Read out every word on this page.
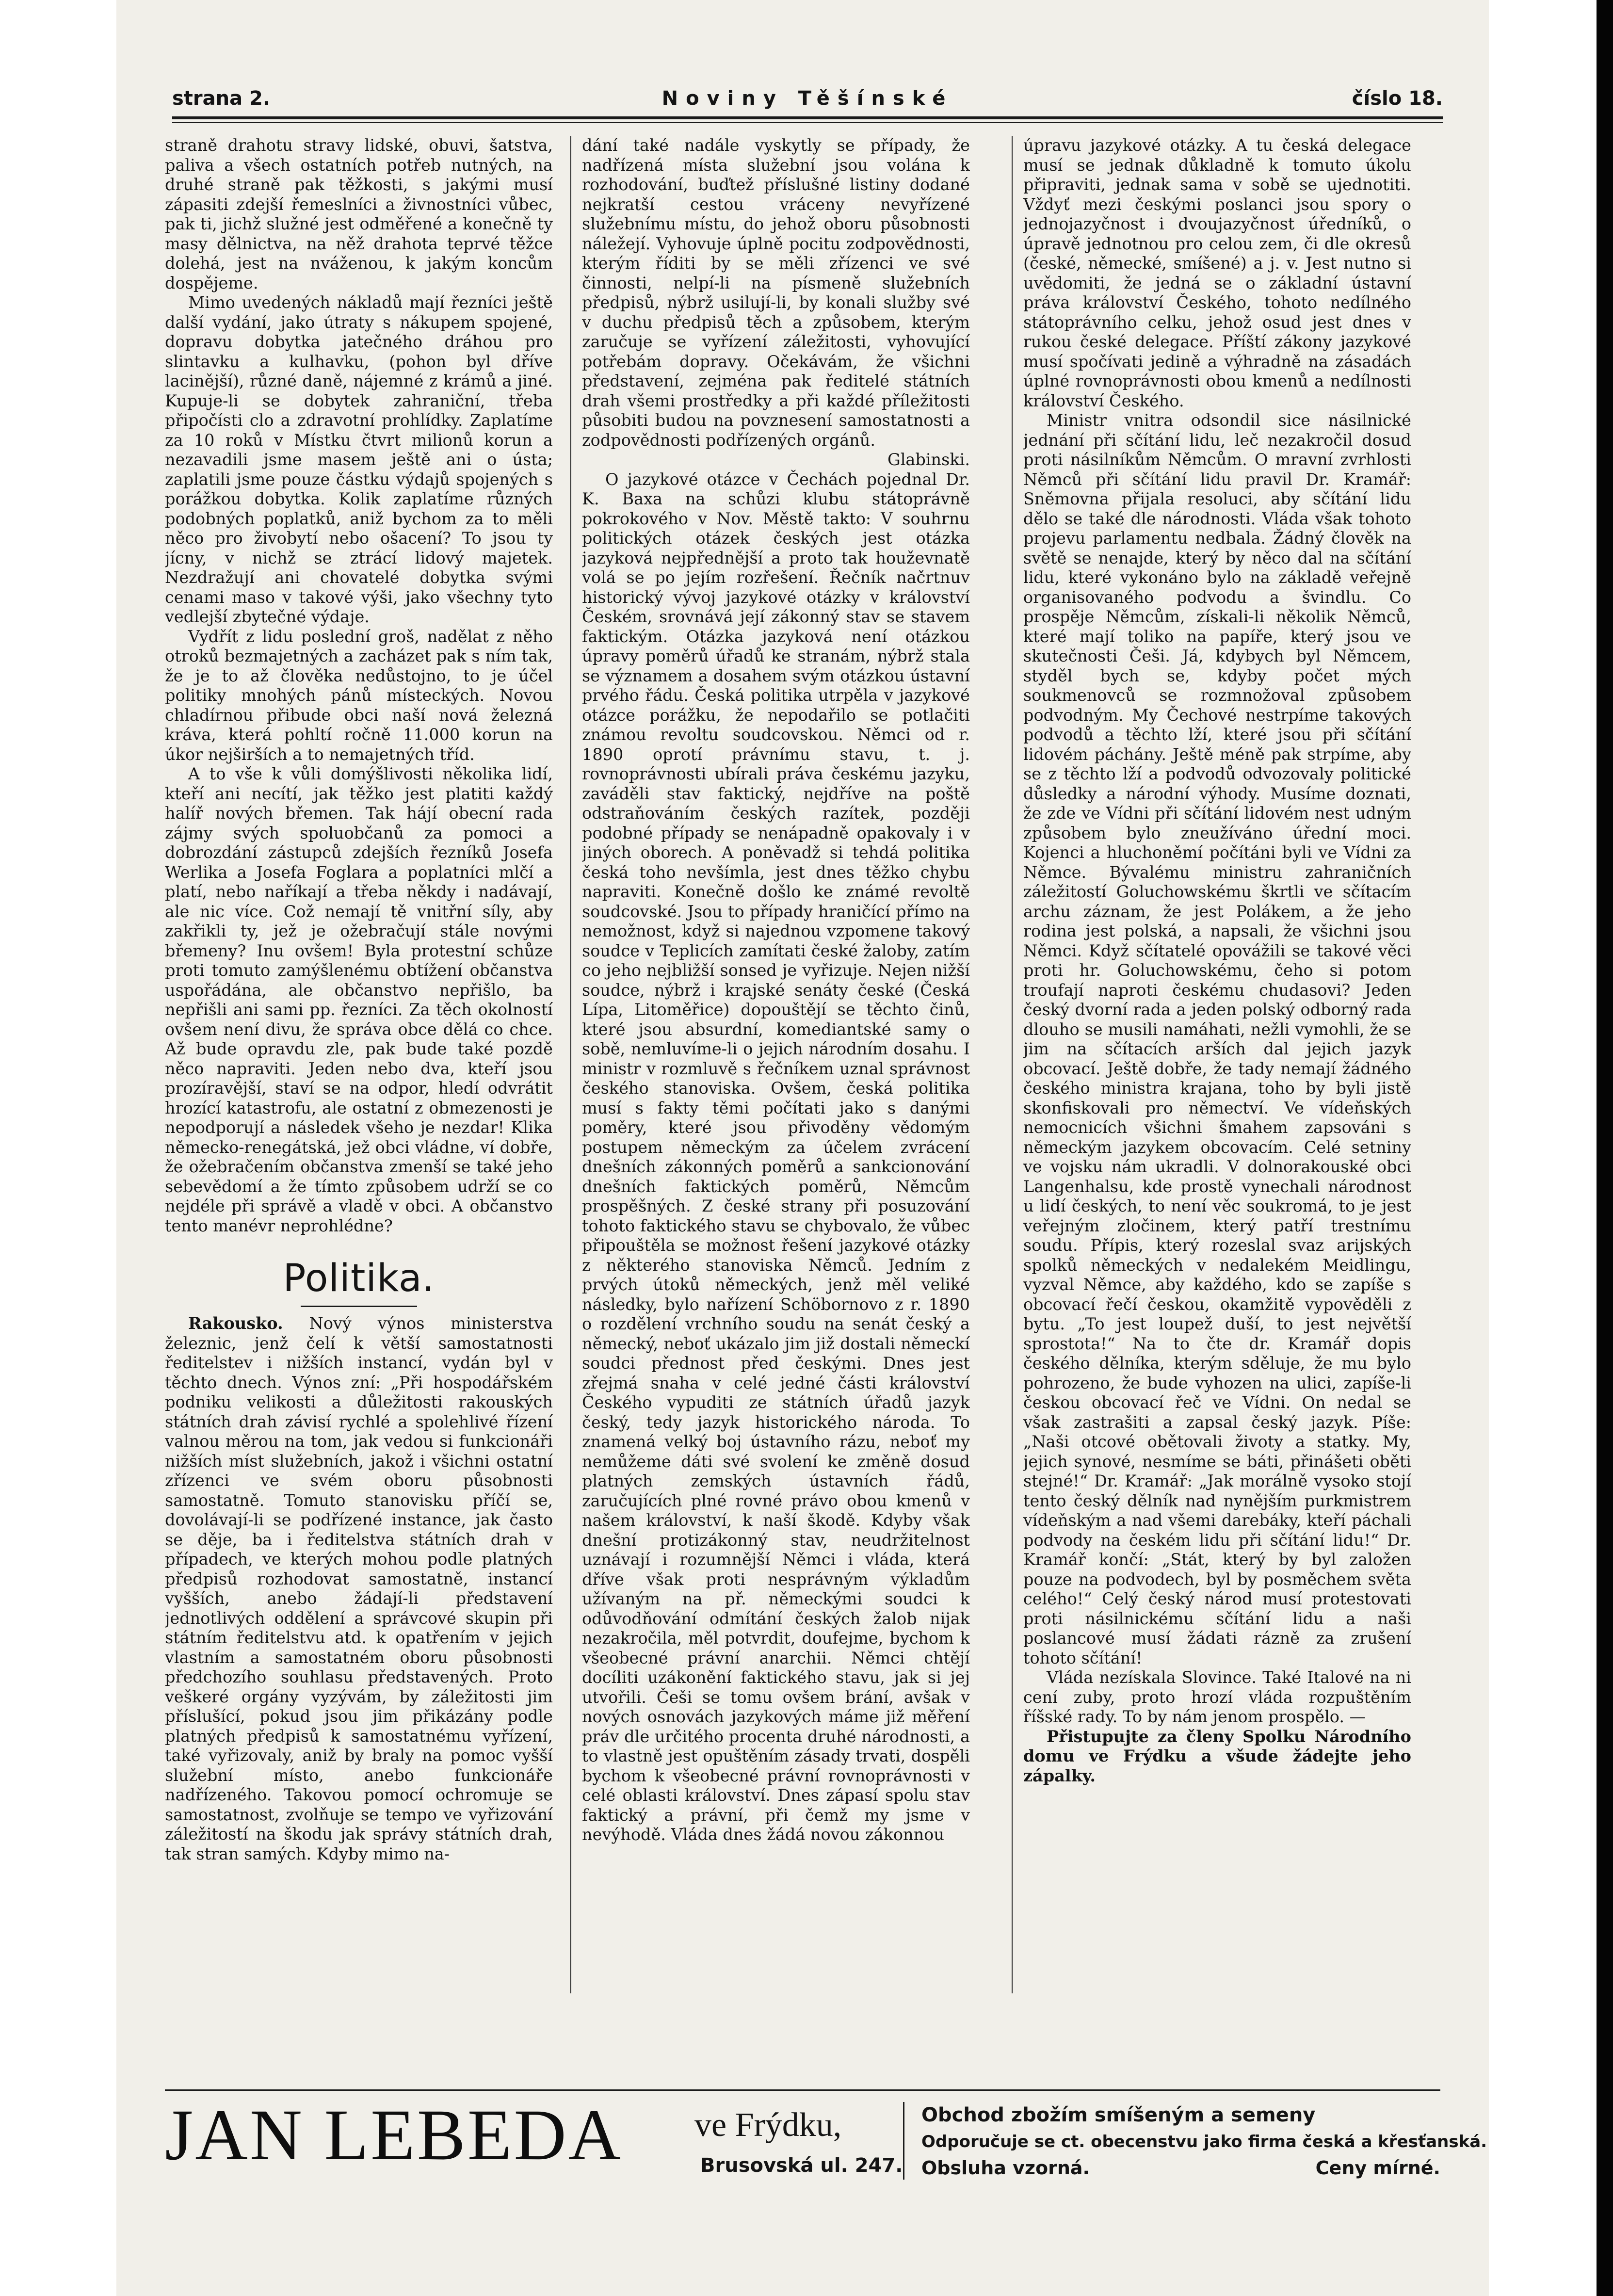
Noviny Těšínské
strana 2.	číslo 18.

straně drahotu stravy lidské, obuvi, šatstva, paliva a všech ostatních potřeb nutných, na druhé straně pak těžkosti, s jakými musí zápasiti zdejší řemeslníci a živnostníci vůbec, pak ti, jichž služné jest odměřené a konečně ty masy dělnictva, na něž drahota teprvé těžce dolehá, jest na nváženou, k jakým koncům dospějeme.

Mimo uvedených nákladů mají řezníci ještě další vydání, jako útraty s nákupem spojené, dopravu dobytka jatečného dráhou pro slintavku a kulhavku, (pohon byl dříve lacinější), různé daně, nájemné z krámů a jiné. Kupuje-li se dobytek zahraniční, třeba připočísti clo a zdravotní prohlídky. Zaplatíme za 10 roků v Místku čtvrt milionů korun a nezavadili jsme masem ještě ani o ústa; zaplatili jsme pouze částku výdajů spojených s porážkou dobytka. Kolik zaplatíme různých podobných poplatků, aniž bychom za to měli něco pro živobytí nebo ošacení? To jsou ty jícny, v nichž se ztrácí lidový majetek. Nezdražují ani chovatelé dobytka svými cenami maso v takové výši, jako všechny tyto vedlejší zbytečné výdaje.

Vydřít z lidu poslední groš, nadělat z něho otroků bezmajetných a zacházet pak s ním tak, že je to až člověka nedůstojno, to je účel politiky mnohých pánů místeckých. Novou chladírnou přibude obci naší nová železná kráva, která pohltí ročně 11.000 korun na úkor nejširších a to nemajetných tříd.

A to vše k vůli domýšlivosti několika lidí, kteří ani necítí, jak těžko jest platiti každý halíř nových břemen. Tak hájí obecní rada zájmy svých spoluobčanů za pomoci a dobrozdání zástupců zdejších řezníků Josefa Werlika a Josefa Foglara a poplatníci mlčí a platí, nebo naříkají a třeba někdy i nadávají, ale nic více. Což nemají tě vnitřní síly, aby zakřikli ty, jež je ožebračují stále novými břemeny? Inu ovšem! Byla protestní schůze proti tomuto zamýšlenému obtížení občanstva uspořádána, ale občanstvo nepřišlo, ba nepřišli ani sami pp. řezníci. Za těch okolností ovšem není divu, že správa obce dělá co chce. Až bude opravdu zle, pak bude také pozdě něco napraviti. Jeden nebo dva, kteří jsou prozíravější, staví se na odpor, hledí odvrátit hrozící katastrofu, ale ostatní z obmezenosti je nepodporují a následek všeho je nezdar! Klika německo-renegátská, jež obci vládne, ví dobře, že ožebračením občanstva zmenší se také jeho sebevědomí a že tímto způsobem udrží se co nejdéle při správě a vladě v obci. A občanstvo tento manévr neprohlédne?

Politika.

Rakousko. Nový výnos ministerstva železnic, jenž čelí k větší samostatnosti ředitelstev i nižších instancí, vydán byl v těchto dnech. Výnos zní: „Při hospodářském podniku velikosti a důležitosti rakouských státních drah závisí rychlé a spolehlivé řízení valnou měrou na tom, jak vedou si funkcionáři nižších míst služebních, jakož i všichni ostatní zřízenci ve svém oboru působnosti samostatně. Tomuto stanovisku příčí se, dovolávají-li se podřízené instance, jak často se děje, ba i ředitelstva státních drah v případech, ve kterých mohou podle platných předpisů rozhodovat samostatně, instancí vyšších, anebo žádají-li představení jednotlivých oddělení a správcové skupin při státním ředitelstvu atd. k opatřením v jejich vlastním a samostatném oboru působnosti předchozího souhlasu představených. Proto veškeré orgány vyzývám, by záležitosti jim příslušící, pokud jsou jim přikázány podle platných předpisů k samostatnému vyřízení, také vyřizovaly, aniž by braly na pomoc vyšší služební místo, anebo funkcionáře nadřízeného. Takovou pomocí ochromuje se samostatnost, zvolňuje se tempo ve vyřizování záležitostí na škodu jak správy státních drah, tak stran samých. Kdyby mimo na-

dání také nadále vyskytly se případy, že nadřízená místa služební jsou volána k rozhodování, buďtež příslušné listiny dodané nejkratší cestou vráceny nevyřízené služebnímu místu, do jehož oboru působnosti náležejí. Vyhovuje úplně pocitu zodpovědnosti, kterým říditi by se měli zřízenci ve své činnosti, nelpí-li na písmeně služebních předpisů, nýbrž usilují-li, by konali služby své v duchu předpisů těch a způsobem, kterým zaručuje se vyřízení záležitosti, vyhovující potřebám dopravy. Očekávám, že všichni představení, zejména pak ředitelé státních drah všemi prostředky a při každé příležitosti působiti budou na povznesení samostatnosti a zodpovědnosti podřízených orgánů.

Glabinski.

O jazykové otázce v Čechách pojednal Dr. K. Baxa na schůzi klubu státoprávně pokrokového v Nov. Městě takto: V souhrnu politických otázek českých jest otázka jazyková nejpřednější a proto tak houževnatě volá se po jejím rozřešení. Řečník načrtnuv historický vývoj jazykové otázky v království Českém, srovnává její zákonný stav se stavem faktickým. Otázka jazyková není otázkou úpravy poměrů úřadů ke stranám, nýbrž stala se významem a dosahem svým otázkou ústavní prvého řádu. Česká politika utrpěla v jazykové otázce porážku, že nepodařilo se potlačiti známou revoltu soudcovskou. Němci od r. 1890 oprotí právnímu stavu, t. j. rovnoprávnosti ubírali práva českému jazyku, zaváděli stav faktický, nejdříve na poště odstraňováním českých razítek, později podobné případy se nenápadně opakovaly i v jiných oborech. A poněvadž si tehdá politika česká toho nevšímla, jest dnes těžko chybu napraviti. Konečně došlo ke známé revoltě soudcovské. Jsou to případy hraničící přímo na nemožnost, když si najednou vzpomene takový soudce v Teplicích zamítati české žaloby, zatím co jeho nejbližší sonsed je vyřizuje. Nejen nižší soudce, nýbrž i krajské senáty české (Česká Lípa, Litoměřice) dopouštějí se těchto činů, které jsou absurdní, komediantské samy o sobě, nemluvíme-li o jejich národním dosahu. I ministr v rozmluvě s řečníkem uznal správnost českého stanoviska. Ovšem, česká politika musí s fakty těmi počítati jako s danými poměry, které jsou přivoděny vědomým postupem německým za účelem zvrácení dnešních zákonných poměrů a sankcionování dnešních faktických poměrů, Němcům prospěšných. Z české strany při posuzování tohoto faktického stavu se chybovalo, že vůbec připouštěla se možnost řešení jazykové otázky z některého stanoviska Němců. Jedním z prvých útoků německých, jenž měl veliké následky, bylo nařízení Schöbornovo z r. 1890 o rozdělení vrchního soudu na senát český a německý, neboť ukázalo jim již dostali německí soudci přednost před českými. Dnes jest zřejmá snaha v celé jedné části království Českého vypuditi ze státních úřadů jazyk český, tedy jazyk historického národa. To znamená velký boj ústavního rázu, neboť my nemůžeme dáti své svolení ke změně dosud platných zemských ústavních řádů, zaručujících plné rovné právo obou kmenů v našem království, k naší škodě. Kdyby však dnešní protizákonný stav, neudržitelnost uznávají i rozumnější Němci i vláda, která dříve však proti nesprávným výkladům užívaným na př. německými soudci k odůvodňování odmítání českých žalob nijak nezakročila, měl potvrdit, doufejme, bychom k všeobecné právní anarchii. Němci chtějí docíliti uzákonění faktického stavu, jak si jej utvořili. Češi se tomu ovšem brání, avšak v nových osnovách jazykových máme již měření práv dle určitého procenta druhé národnosti, a to vlastně jest opuštěním zásady trvati, dospěli bychom k všeobecné právní rovnoprávnosti v celé oblasti království. Dnes zápasí spolu stav faktický a právní, při čemž my jsme v nevýhodě. Vláda dnes žádá novou zákonnou

úpravu jazykové otázky. A tu česká delegace musí se jednak důkladně k tomuto úkolu připraviti, jednak sama v sobě se ujednotiti. Vždyť mezi českými poslanci jsou spory o jednojazyčnost i dvoujazyčnost úředníků, o úpravě jednotnou pro celou zem, či dle okresů (české, německé, smíšené) a j. v. Jest nutno si uvědomiti, že jedná se o základní ústavní práva království Českého, tohoto nedílného státoprávního celku, jehož osud jest dnes v rukou české delegace. Příští zákony jazykové musí spočívati jedině a výhradně na zásadách úplné rovnoprávnosti obou kmenů a nedílnosti království Českého.

Ministr vnitra odsondil sice násilnické jednání při sčítání lidu, leč nezakročil dosud proti násilníkům Němcům. O mravní zvrhlosti Němců při sčítání lidu pravil Dr. Kramář: Sněmovna přijala resoluci, aby sčítání lidu dělo se také dle národnosti. Vláda však tohoto projevu parlamentu nedbala. Žádný člověk na světě se nenajde, který by něco dal na sčítání lidu, které vykonáno bylo na základě veřejně organisovaného podvodu a švindlu. Co prospěje Němcům, získali-li několik Němců, které mají toliko na papíře, který jsou ve skutečnosti Češi. Já, kdybych byl Němcem, styděl bych se, kdyby počet mých soukmenovců se rozmnožoval způsobem podvodným. My Čechové nestrpíme takových podvodů a těchto lží, které jsou při sčítání lidovém páchány. Ještě méně pak strpíme, aby se z těchto lží a podvodů odvozovaly politické důsledky a národní výhody. Musíme doznati, že zde ve Vídni při sčítání lidovém nest udným způsobem bylo zneužíváno úřední moci. Kojenci a hluchoněmí počítáni byli ve Vídni za Němce. Bývalému ministru zahraničních záležitostí Goluchowskému škrtli ve sčítacím archu záznam, že jest Polákem, a že jeho rodina jest polská, a napsali, že všichni jsou Němci. Když sčítatelé opovážili se takové věci proti hr. Goluchowskému, čeho si potom troufají naproti českému chudasovi? Jeden český dvorní rada a jeden polský odborný rada dlouho se musili namáhati, nežli vymohli, že se jim na sčítacích arších dal jejich jazyk obcovací. Ještě dobře, že tady nemají žádného českého ministra krajana, toho by byli jistě skonfiskovali pro němectví. Ve vídeňských nemocnicích všichni šmahem zapsováni s německým jazykem obcovacím. Celé setniny ve vojsku nám ukradli. V dolnorakouské obci Langenhalsu, kde prostě vynechali národnost u lidí českých, to není věc soukromá, to je jest veřejným zločinem, který patří trestnímu soudu. Přípis, který rozeslal svaz arijských spolků německých v nedalekém Meidlingu, vyzval Němce, aby každého, kdo se zapíše s obcovací řečí českou, okamžitě vypověděli z bytu. „To jest loupež duší, to jest největší sprostota!“ Na to čte dr. Kramář dopis českého dělníka, kterým sděluje, že mu bylo pohrozeno, že bude vyhozen na ulici, zapíše-li českou obcovací řeč ve Vídni. On nedal se však zastrašiti a zapsal český jazyk. Píše: „Naši otcové obětovali životy a statky. My, jejich synové, nesmíme se báti, přinášeti oběti stejné!“ Dr. Kramář: „Jak morálně vysoko stojí tento český dělník nad nynějším purkmistrem vídeňským a nad všemi darebáky, kteří páchali podvody na českém lidu při sčítání lidu!“ Dr. Kramář končí: „Stát, který by byl založen pouze na podvodech, byl by posměchem světa celého!“ Celý český národ musí protestovati proti násilnickému sčítání lidu a naši poslancové musí žádati rázně za zrušení tohoto sčítání!

Vláda nezískala Slovince. Také Italové na ni cení zuby, proto hrozí vláda rozpuštěním říšské rady. To by nám jenom prospělo. —

Přistupujte za členy Spolku Národního domu ve Frýdku a všude žádejte jeho zápalky.

JAN LEBEDA ve Frýdku,
Brusovská ul. 247.
Obchod zbožím smíšeným a semeny
Odporučuje se ct. obecenstvu jako firma česká a křesťanská.
Obsluha vzorná.	Ceny mírné.
